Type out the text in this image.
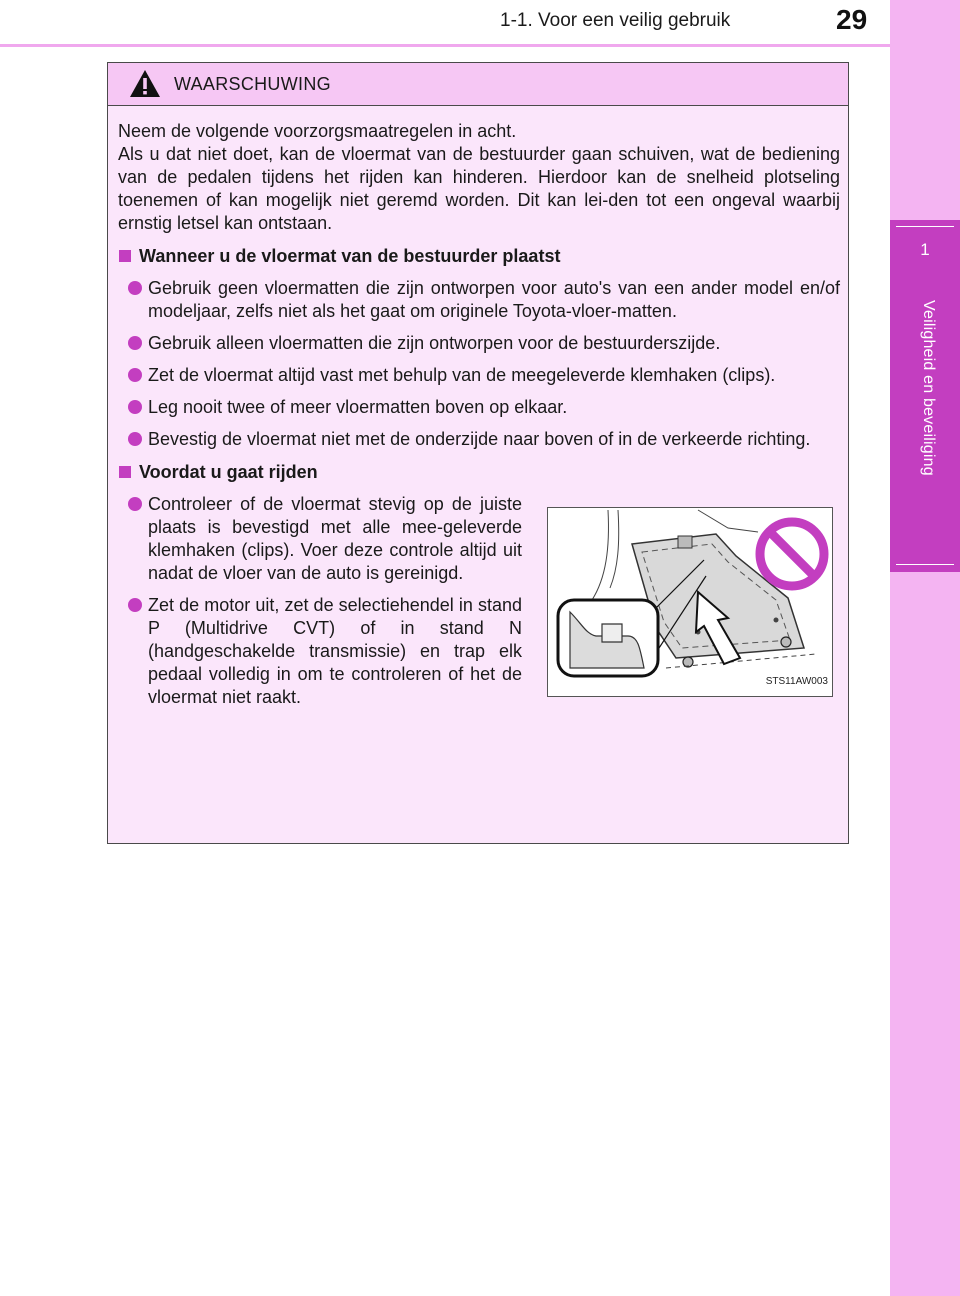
1-1. Voor een veilig gebruik	29
1
Veiligheid en beveiliging
WAARSCHUWING
Neem de volgende voorzorgsmaatregelen in acht.
Als u dat niet doet, kan de vloermat van de bestuurder gaan schuiven, wat de bediening van de pedalen tijdens het rijden kan hinderen. Hierdoor kan de snelheid plotseling toenemen of kan mogelijk niet geremd worden. Dit kan lei-den tot een ongeval waarbij ernstig letsel kan ontstaan.
Wanneer u de vloermat van de bestuurder plaatst
Gebruik geen vloermatten die zijn ontworpen voor auto's van een ander model en/of modeljaar, zelfs niet als het gaat om originele Toyota-vloer-matten.
Gebruik alleen vloermatten die zijn ontworpen voor de bestuurderszijde.
Zet de vloermat altijd vast met behulp van de meegeleverde klemhaken (clips).
Leg nooit twee of meer vloermatten boven op elkaar.
Bevestig de vloermat niet met de onderzijde naar boven of in de verkeerde richting.
Voordat u gaat rijden
Controleer of de vloermat stevig op de juiste plaats is bevestigd met alle mee-geleverde klemhaken (clips). Voer deze controle altijd uit nadat de vloer van de auto is gereinigd.
Zet de motor uit, zet de selectiehendel in stand P (Multidrive CVT) of in stand N (handgeschakelde transmissie) en trap elk pedaal volledig in om te controleren of het de vloermat niet raakt.
STS11AW003
